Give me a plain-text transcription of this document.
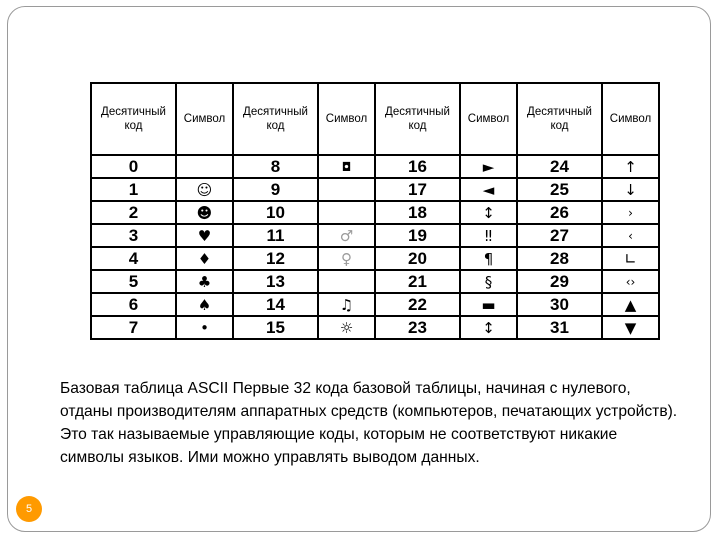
Десятичный код	Символ	Десятичный код	Символ	Десятичный код	Символ	Десятичный код	Символ
0		8	◘	16	►	24	↑
1	☺	9		17	◄	25	↓
2	☻	10		18	↕	26	›
3	♥	11	♂	19	‼	27	‹
4	♦	12	♀	20	¶	28	∟
5	♣	13		21	§	29	‹›
6	♠	14	♫	22	▬	30	▲
7	•	15	☼	23	↕	31	▼

Базовая таблица ASCII Первые 32 кода базовой таблицы, начиная с нулевого, отданы производителям аппаратных средств (компьютеров, печатающих устройств). Это так называемые управляющие коды, которым не соответствуют никакие символы языков. Ими можно управлять выводом данных.

5
